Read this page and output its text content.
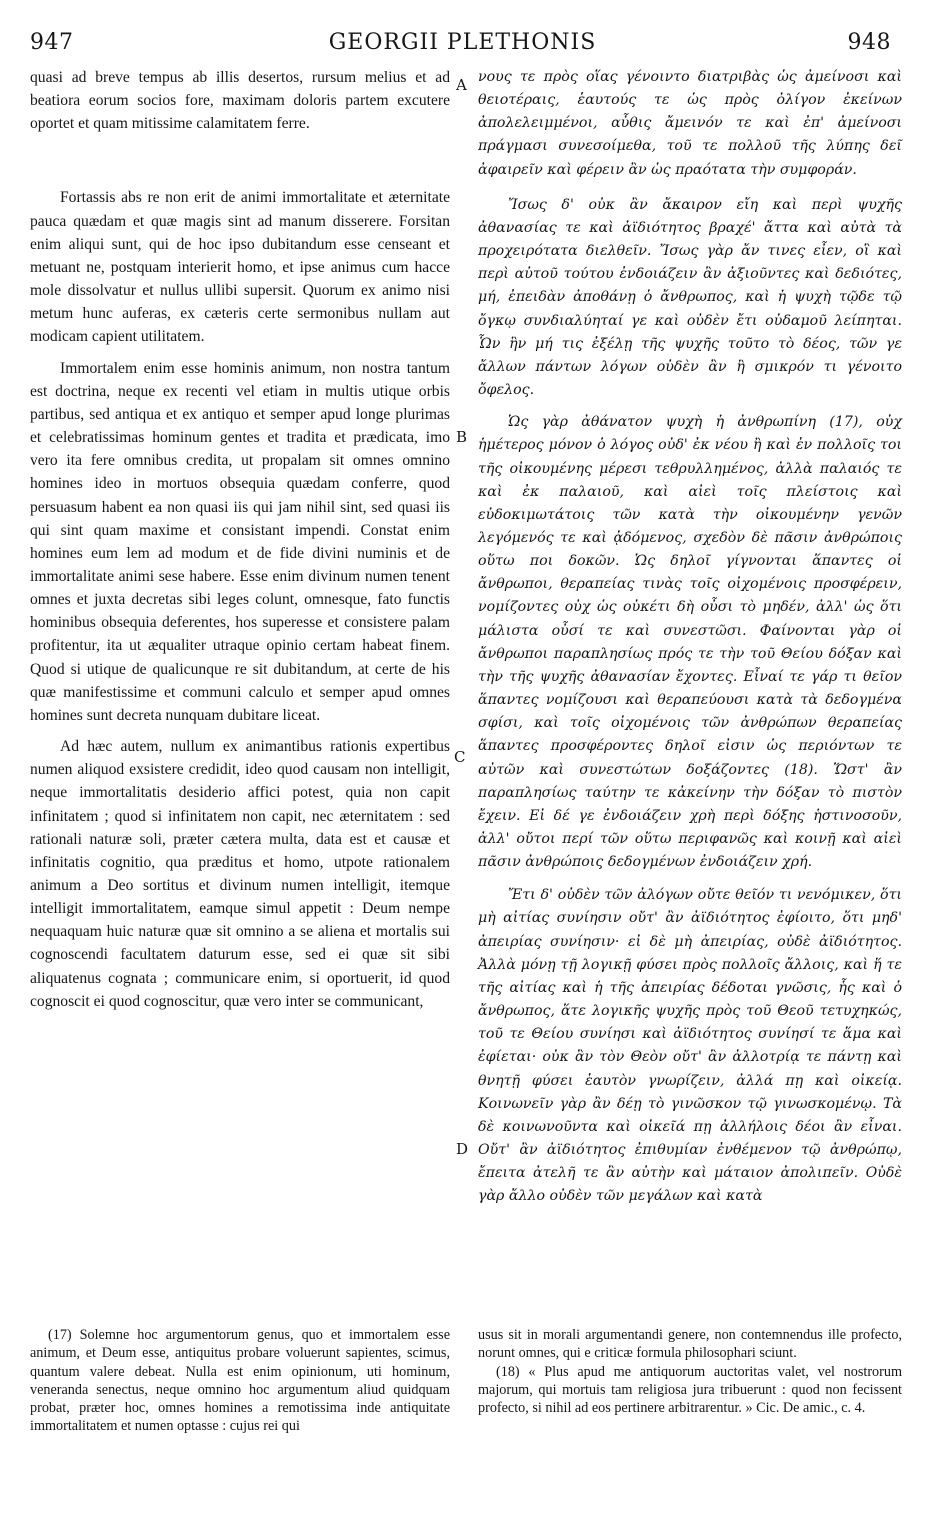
947	GEORGII PLETHONIS	948

quasi ad breve tempus ab illis desertos, rursum melius et ad beatiora eorum socios fore, maximam doloris partem excutere oportet et quam mitissime calamitatem ferre.

Fortassis abs re non erit de animi immortalitate et æternitate pauca quædam et quæ magis sint ad manum disserere. Forsitan enim aliqui sunt, qui de hoc ipso dubitandum esse censeant et metuant ne, postquam interierit homo, et ipse animus cum hacce mole dissolvatur et nullus ullibi supersit. Quorum ex animo nisi metum hunc auferas, ex cæteris certe sermonibus nullam aut modicam capient utilitatem.

Immortalem enim esse hominis animum, non nostra tantum est doctrina, neque ex recenti vel etiam in multis utique orbis partibus, sed antiqua et ex antiquo et semper apud longe plurimas et celebratissimas hominum gentes et tradita et prædicata, imo vero ita fere omnibus credita, ut propalam sit omnes omnino homines ideo in mortuos obsequia quædam conferre, quod persuasum habent ea non quasi iis qui jam nihil sint, sed quasi iis qui sint quam maxime et consistant impendi. Constat enim homines eum lem ad modum et de fide divini numinis et de immortalitate animi sese habere. Esse enim divinum numen tenent omnes et juxta decretas sibi leges colunt, omnesque, fato functis hominibus obsequia deferentes, hos superesse et consistere palam profitentur, ita ut æqualiter utraque opinio certam habeat finem. Quod si utique de qualicunque re sit dubitandum, at certe de his quæ manifestissime et communi calculo et semper apud omnes homines sunt decreta nunquam dubitare liceat.

Ad hæc autem, nullum ex animantibus rationis expertibus numen aliquod exsistere credidit, ideo quod causam non intelligit, neque immortalitatis desiderio affici potest, quia non capit infinitatem ; quod si infinitatem non capit, nec æternitatem : sed rationali naturæ soli, præter cætera multa, data est et causæ et infinitatis cognitio, qua præditus et homo, utpote rationalem animum a Deo sortitus et divinum numen intelligit, itemque intelligit immortalitatem, eamque simul appetit : Deum nempe nequaquam huic naturæ quæ sit omnino a se aliena et mortalis sui cognoscendi facultatem daturum esse, sed ei quæ sit sibi aliquatenus cognata ; communicare enim, si oportuerit, id quod cognoscit ei quod cognoscitur, quæ vero inter se communicant,

νους τε πρὸς οἵας γένοιντο διατριβὰς ὡς ἀμείνοσι καὶ θειοτέραις, ἑαυτούς τε ὡς πρὸς ὀλίγον ἐκείνων ἀπολελειμμένοι, αὖθις ἄμεινόν τε καὶ ἐπ' ἀμείνοσι πράγμασι συνεσοίμεθα, τοῦ τε πολλοῦ τῆς λύπης δεῖ ἀφαιρεῖν καὶ φέρειν ἂν ὡς πραότατα τὴν συμφοράν.

Ἴσως δ' οὐκ ἂν ἄκαιρον εἴη καὶ περὶ ψυχῆς ἀθανασίας τε καὶ ἀϊδιότητος βραχέ' ἄττα καὶ αὐτὰ τὰ προχειρότατα διελθεῖν. Ἴσως γὰρ ἄν τινες εἶεν, οἳ καὶ περὶ αὐτοῦ τούτου ἐνδοιάζειν ἂν ἀξιοῦντες καὶ δεδιότες, μή, ἐπειδὰν ἀποθάνῃ ὁ ἄνθρωπος, καὶ ἡ ψυχὴ τῷδε τῷ ὄγκῳ συνδιαλύηταί γε καὶ οὐδὲν ἔτι οὐδαμοῦ λείπηται. Ὧν ἣν μή τις ἐξέλῃ τῆς ψυχῆς τοῦτο τὸ δέος, τῶν γε ἄλλων πάντων λόγων οὐδὲν ἂν ἢ σμικρόν τι γένοιτο ὄφελος.

Ὡς γὰρ ἀθάνατον ψυχὴ ἡ ἀνθρωπίνη (17), οὐχ ἡμέτερος μόνον ὁ λόγος οὐδ' ἐκ νέου ἢ καὶ ἐν πολλοῖς τοι τῆς οἰκουμένης μέρεσι τεθρυλλημένος, ἀλλὰ παλαιός τε καὶ ἐκ παλαιοῦ, καὶ αἰεὶ τοῖς πλείστοις καὶ εὐδοκιμωτάτοις τῶν κατὰ τὴν οἰκουμένην γενῶν λεγόμενός τε καὶ ᾀδόμενος, σχεδὸν δὲ πᾶσιν ἀνθρώποις οὕτω ποι δοκῶν. Ὡς δηλοῖ γίγνονται ἅπαντες οἱ ἄνθρωποι, θεραπείας τινὰς τοῖς οἰχομένοις προσφέρειν, νομίζοντες οὐχ ὡς οὐκέτι δὴ οὖσι τὸ μηδέν, ἀλλ' ὡς ὅτι μάλιστα οὖσί τε καὶ συνεστῶσι. Φαίνονται γὰρ οἱ ἄνθρωποι παραπλησίως πρός τε τὴν τοῦ Θείου δόξαν καὶ τὴν τῆς ψυχῆς ἀθανασίαν ἔχοντες. Εἶναί τε γάρ τι θεῖον ἅπαντες νομίζουσι καὶ θεραπεύουσι κατὰ τὰ δεδογμένα σφίσι, καὶ τοῖς οἰχομένοις τῶν ἀνθρώπων θεραπείας ἅπαντες προσφέροντες δηλοῖ εἰσιν ὡς περιόντων τε αὐτῶν καὶ συνεστώτων δοξάζοντες (18). Ὥστ' ἂν παραπλησίως ταύτην τε κἀκείνην τὴν δόξαν τὸ πιστὸν ἔχειν. Εἰ δέ γε ἐνδοιάζειν χρὴ περὶ δόξης ἡστινοσοῦν, ἀλλ' οὔτοι περί τῶν οὕτω περιφανῶς καὶ κοινῇ καὶ αἰεὶ πᾶσιν ἀνθρώποις δεδογμένων ἐνδοιάζειν χρή.

Ἔτι δ' οὐδὲν τῶν ἀλόγων οὔτε θεῖόν τι νενόμικεν, ὅτι μὴ αἰτίας συνίησιν οὔτ' ἂν ἀϊδιότητος ἐφίοιτο, ὅτι μηδ' ἀπειρίας συνίησιν· εἰ δὲ μὴ ἀπειρίας, οὐδὲ ἀϊδιότητος. Ἀλλὰ μόνῃ τῇ λογικῇ φύσει πρὸς πολλοῖς ἄλλοις, καὶ ἥ τε τῆς αἰτίας καὶ ἡ τῆς ἀπειρίας δέδοται γνῶσις, ἧς καὶ ὁ ἄνθρωπος, ἅτε λογικῆς ψυχῆς πρὸς τοῦ Θεοῦ τετυχηκώς, τοῦ τε Θείου συνίησι καὶ ἀϊδιότητος συνίησί τε ἅμα καὶ ἐφίεται· οὐκ ἂν τὸν Θεὸν οὔτ' ἂν ἀλλοτρίᾳ τε πάντῃ καὶ θνητῇ φύσει ἑαυτὸν γνωρίζειν, ἀλλά πῃ καὶ οἰκείᾳ. Κοινωνεῖν γὰρ ἂν δέῃ τὸ γινῶσκον τῷ γινωσκομένῳ. Τὰ δὲ κοινωνοῦντα καὶ οἰκεῖά πῃ ἀλλήλοις δέοι ἂν εἶναι. Οὔτ' ἂν ἀϊδιότητος ἐπιθυμίαν ἐνθέμενον τῷ ἀνθρώπῳ, ἔπειτα ἀτελῆ τε ἂν αὐτὴν καὶ μάταιον ἀπολιπεῖν. Οὐδὲ γὰρ ἄλλο οὐδὲν τῶν μεγάλων καὶ κατὰ

A
B
C
D

(17) Solemne hoc argumentorum genus, quo et immortalem esse animum, et Deum esse, antiquitus probare voluerunt sapientes, scimus, quantum valere debeat. Nulla est enim opinionum, uti hominum, veneranda senectus, neque omnino hoc argumentum aliud quidquam probat, præter hoc, omnes homines a remotissima inde antiquitate immortalitatem et numen optasse : cujus rei qui

usus sit in morali argumentandi genere, non contemnendus ille profecto, norunt omnes, qui e criticæ formula philosophari sciunt.

(18) « Plus apud me antiquorum auctoritas valet, vel nostrorum majorum, qui mortuis tam religiosa jura tribuerunt : quod non fecissent profecto, si nihil ad eos pertinere arbitrarentur. » Cic. De amic., c. 4.
